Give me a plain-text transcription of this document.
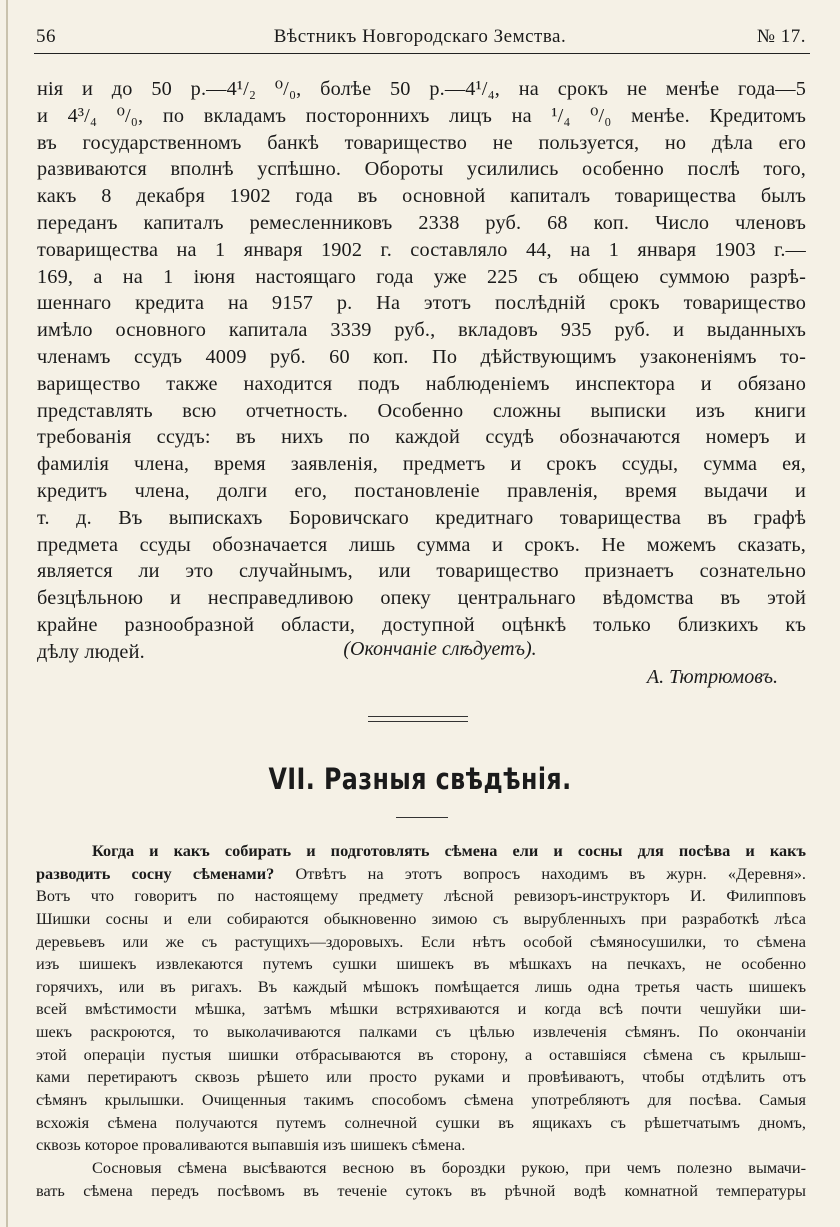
56	Вѣстникъ Новгородскаго Земства.	№ 17.
нія и до 50 р.—4¹/₂ ⁰/₀, болѣе 50 р.—4¹/₄, на срокъ не менѣе года—5
и 4³/₄ ⁰/₀, по вкладамъ постороннихъ лицъ на ¹/₄ ⁰/₀ менѣе. Кредитомъ
въ государственномъ банкѣ товарищество не пользуется, но дѣла его
развиваются вполнѣ успѣшно. Обороты усилились особенно послѣ того,
какъ 8 декабря 1902 года въ основной капиталъ товарищества былъ
переданъ капиталъ ремесленниковъ 2338 руб. 68 коп. Число членовъ
товарищества на 1 января 1902 г. составляло 44, на 1 января 1903 г.—
169, а на 1 іюня настоящаго года уже 225 съ общею суммою разрѣ-
шеннаго кредита на 9157 р. На этотъ послѣдній срокъ товарищество
имѣло основного капитала 3339 руб., вкладовъ 935 руб. и выданныхъ
членамъ ссудъ 4009 руб. 60 коп. По дѣйствующимъ узаконеніямъ то-
варищество также находится подъ наблюденіемъ инспектора и обязано
представлять всю отчетность. Особенно сложны выписки изъ книги
требованія ссудъ: въ нихъ по каждой ссудѣ обозначаются номеръ и
фамилія члена, время заявленія, предметъ и срокъ ссуды, сумма ея,
кредитъ члена, долги его, постановленіе правленія, время выдачи и
т. д. Въ выпискахъ Боровичскаго кредитнаго товарищества въ графѣ
предмета ссуды обозначается лишь сумма и срокъ. Не можемъ сказать,
является ли это случайнымъ, или товарищество признаетъ сознательно
безцѣльною и несправедливою опеку центральнаго вѣдомства въ этой
крайне разнообразной области, доступной оцѣнкѣ только близкихъ къ
дѣлу людей.	(Окончаніе слѣдуетъ).
А. Тютрюмовъ.
VII. Разныя свѣдѣнія.
Когда и какъ собирать и подготовлять сѣмена ели и сосны для посѣва и какъ
разводить сосну сѣменами? Отвѣтъ на этотъ вопросъ находимъ въ журн. «Деревня».
Вотъ что говоритъ по настоящему предмету лѣсной ревизоръ-инструкторъ И. Филипповъ
Шишки сосны и ели собираются обыкновенно зимою съ вырубленныхъ при разработкѣ лѣса
деревьевъ или же съ растущихъ—здоровыхъ. Если нѣтъ особой сѣмяносушилки, то сѣмена
изъ шишекъ извлекаются путемъ сушки шишекъ въ мѣшкахъ на печкахъ, не особенно
горячихъ, или въ ригахъ. Въ каждый мѣшокъ помѣщается лишь одна третья часть шишекъ
всей вмѣстимости мѣшка, затѣмъ мѣшки встряхиваются и когда всѣ почти чешуйки ши-
шекъ раскроются, то выколачиваются палками съ цѣлью извлеченія сѣмянъ. По окончаніи
этой операціи пустыя шишки отбрасываются въ сторону, а оставшіяся сѣмена съ крылыш-
ками перетираютъ сквозь рѣшето или просто руками и провѣиваютъ, чтобы отдѣлить отъ
сѣмянъ крылышки. Очищенныя такимъ способомъ сѣмена употребляютъ для посѣва. Самыя
всхожія сѣмена получаются путемъ солнечной сушки въ ящикахъ съ рѣшетчатымъ дномъ,
сквозь которое проваливаются выпавшія изъ шишекъ сѣмена.
Сосновыя сѣмена высѣваются весною въ бороздки рукою, при чемъ полезно вымачи-
вать сѣмена передъ посѣвомъ въ теченіе сутокъ въ рѣчной водѣ комнатной температуры
